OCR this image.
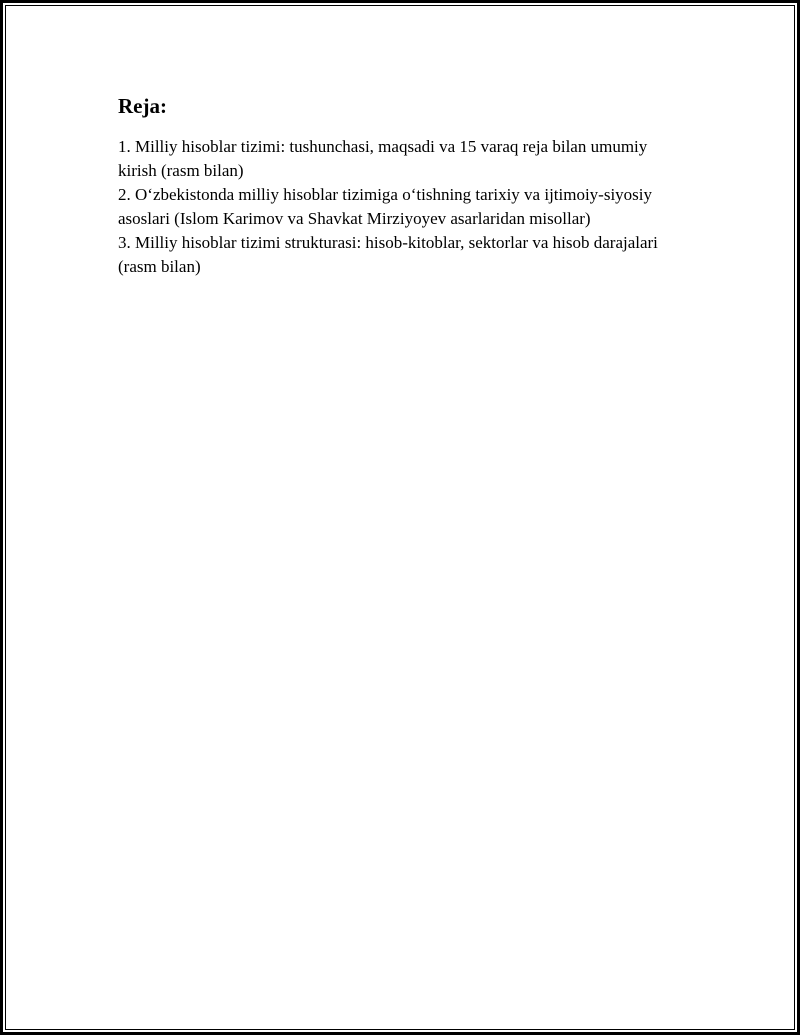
Reja:
1. Milliy hisoblar tizimi: tushunchasi, maqsadi va 15 varaq reja bilan umumiy kirish (rasm bilan)
2. O‘zbekistonda milliy hisoblar tizimiga o‘tishning tarixiy va ijtimoiy-siyosiy asoslari (Islom Karimov va Shavkat Mirziyoyev asarlaridan misollar)
3. Milliy hisoblar tizimi strukturasi: hisob-kitoblar, sektorlar va hisob darajalari (rasm bilan)
